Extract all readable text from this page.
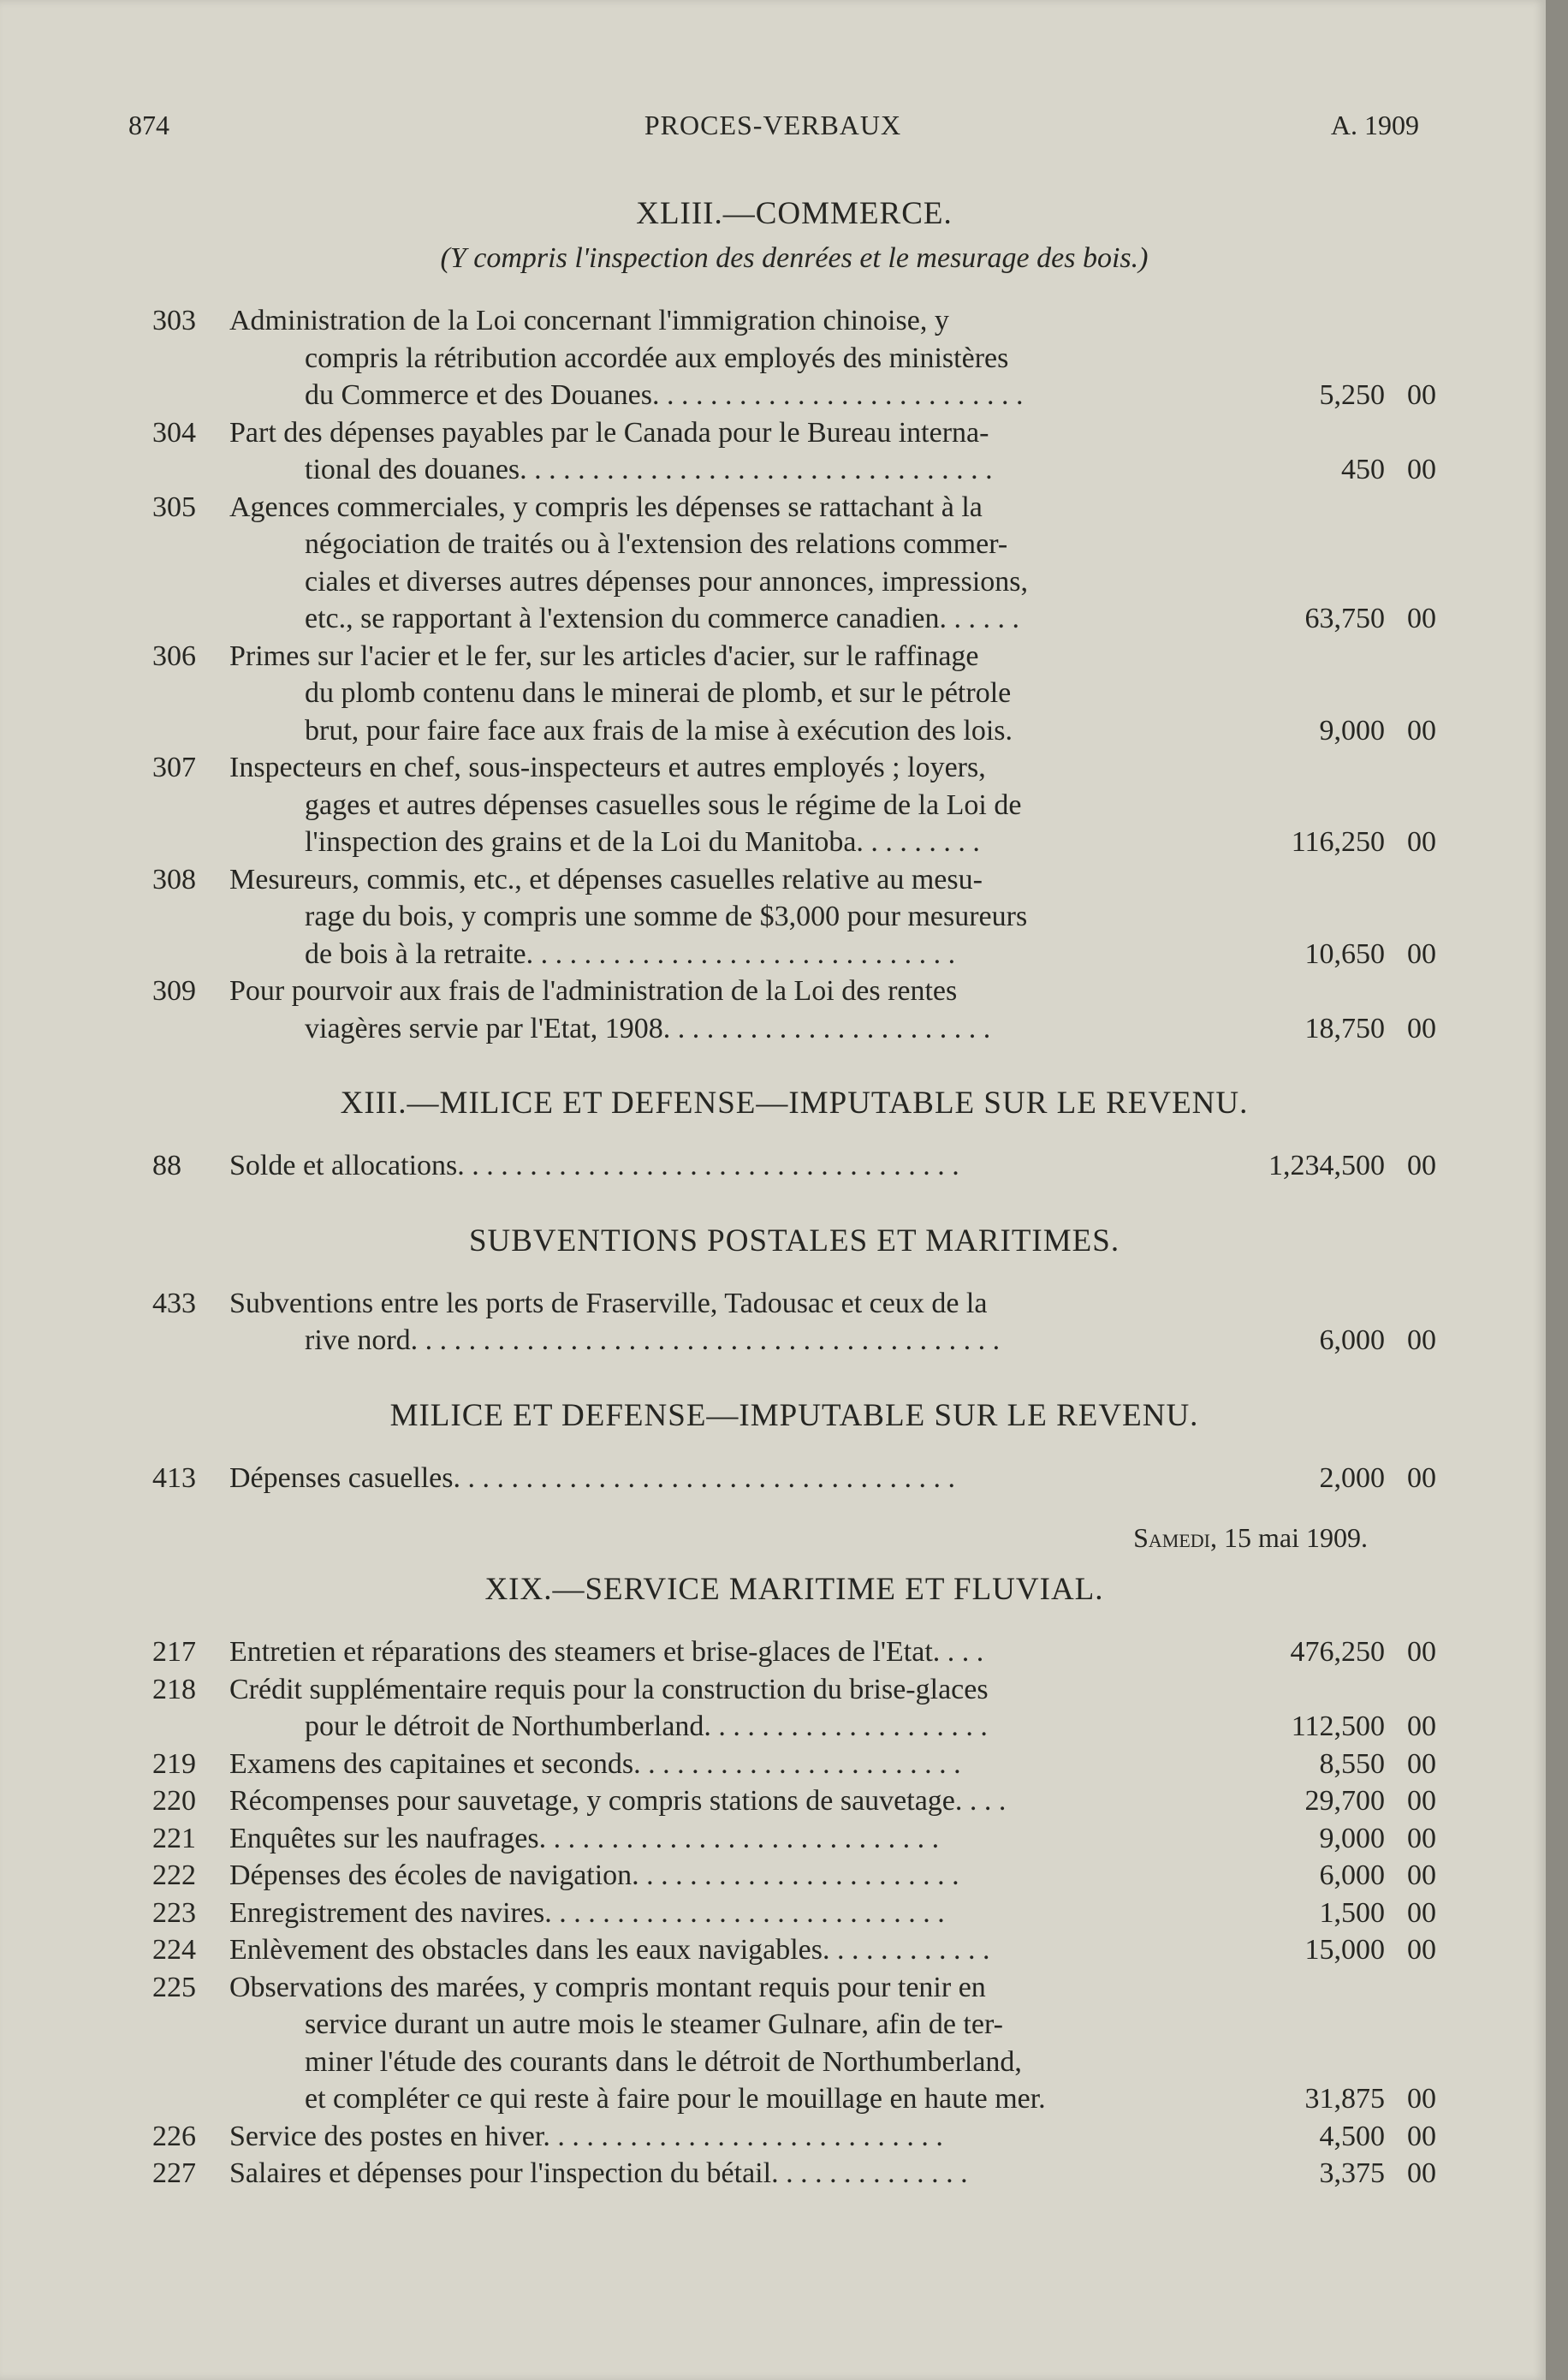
874	PROCES-VERBAUX	A. 1909
XLIII.—COMMERCE.
(Y compris l'inspection des denrées et le mesurage des bois.)
303	Administration de la Loi concernant l'immigration chinoise, y
compris la rétribution accordée aux employés des ministères
du Commerce et des Douanes. . . . . . . . . . . . . . . . . . . . . . . . . .	5,250 00
304	Part des dépenses payables par le Canada pour le Bureau interna-
tional des douanes. . . . . . . . . . . . . . . . . . . . . . . . . . . . . . . . .	450 00
305	Agences commerciales, y compris les dépenses se rattachant à la
négociation de traités ou à l'extension des relations commer-
ciales et diverses autres dépenses pour annonces, impressions,
etc., se rapportant à l'extension du commerce canadien. . . . . .	63,750 00
306	Primes sur l'acier et le fer, sur les articles d'acier, sur le raffinage
du plomb contenu dans le minerai de plomb, et sur le pétrole
brut, pour faire face aux frais de la mise à exécution des lois.	9,000 00
307	Inspecteurs en chef, sous-inspecteurs et autres employés ; loyers,
gages et autres dépenses casuelles sous le régime de la Loi de
l'inspection des grains et de la Loi du Manitoba. . . . . . . . .	116,250 00
308	Mesureurs, commis, etc., et dépenses casuelles relative au mesu-
rage du bois, y compris une somme de $3,000 pour mesureurs
de bois à la retraite. . . . . . . . . . . . . . . . . . . . . . . . . . . . . .	10,650 00
309	Pour pourvoir aux frais de l'administration de la Loi des rentes
viagères servie par l'Etat, 1908. . . . . . . . . . . . . . . . . . . . . . .	18,750 00
XIII.—MILICE ET DEFENSE—IMPUTABLE SUR LE REVENU.
88	Solde et allocations. . . . . . . . . . . . . . . . . . . . . . . . . . . . . . . . . . .	1,234,500 00
SUBVENTIONS POSTALES ET MARITIMES.
433	Subventions entre les ports de Fraserville, Tadousac et ceux de la
rive nord. . . . . . . . . . . . . . . . . . . . . . . . . . . . . . . . . . . . . . . . .	6,000 00
MILICE ET DEFENSE—IMPUTABLE SUR LE REVENU.
413	Dépenses casuelles. . . . . . . . . . . . . . . . . . . . . . . . . . . . . . . . . . .	2,000 00
Samedi, 15 mai 1909.
XIX.—SERVICE MARITIME ET FLUVIAL.
217	Entretien et réparations des steamers et brise-glaces de l'Etat. . . .	476,250 00
218	Crédit supplémentaire requis pour la construction du brise-glaces
pour le détroit de Northumberland. . . . . . . . . . . . . . . . . . . .	112,500 00
219	Examens des capitaines et seconds. . . . . . . . . . . . . . . . . . . . . . .	8,550 00
220	Récompenses pour sauvetage, y compris stations de sauvetage. . . .	29,700 00
221	Enquêtes sur les naufrages. . . . . . . . . . . . . . . . . . . . . . . . . . . .	9,000 00
222	Dépenses des écoles de navigation. . . . . . . . . . . . . . . . . . . . . . .	6,000 00
223	Enregistrement des navires. . . . . . . . . . . . . . . . . . . . . . . . . . . .	1,500 00
224	Enlèvement des obstacles dans les eaux navigables. . . . . . . . . . . .	15,000 00
225	Observations des marées, y compris montant requis pour tenir en
service durant un autre mois le steamer Gulnare, afin de ter-
miner l'étude des courants dans le détroit de Northumberland,
et compléter ce qui reste à faire pour le mouillage en haute mer.	31,875 00
226	Service des postes en hiver. . . . . . . . . . . . . . . . . . . . . . . . . . . .	4,500 00
227	Salaires et dépenses pour l'inspection du bétail. . . . . . . . . . . . . .	3,375 00
